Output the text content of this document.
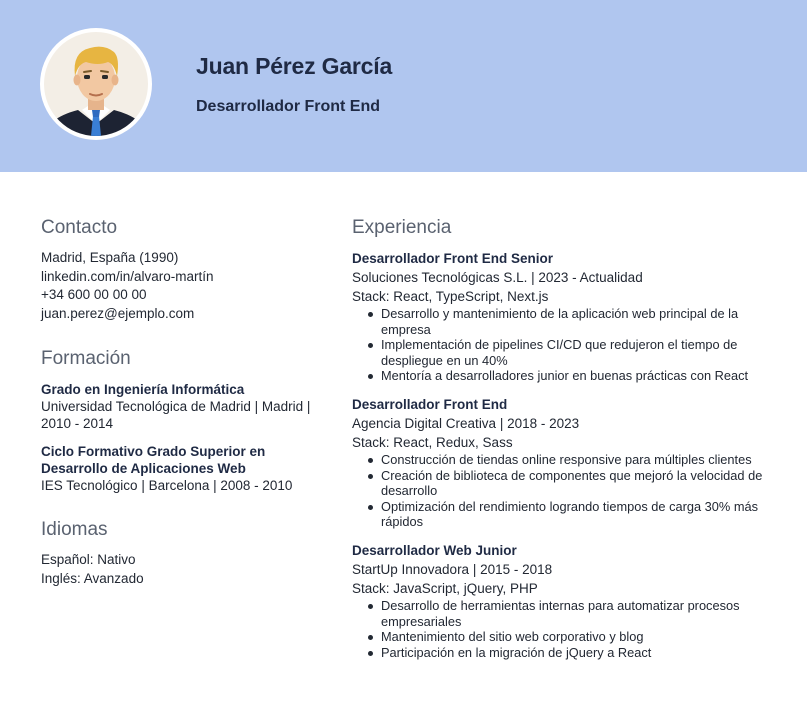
Juan Pérez García
Desarrollador Front End
Contacto
Madrid, España (1990)
linkedin.com/in/alvaro-martín
+34 600 00 00 00
juan.perez@ejemplo.com
Formación
Grado en Ingeniería Informática
Universidad Tecnológica de Madrid | Madrid | 2010 - 2014
Ciclo Formativo Grado Superior en Desarrollo de Aplicaciones Web
IES Tecnológico | Barcelona | 2008 - 2010
Idiomas
Español: Nativo
Inglés: Avanzado
Experiencia
Desarrollador Front End Senior
Soluciones Tecnológicas S.L. | 2023 - Actualidad
Stack: React, TypeScript, Next.js
Desarrollo y mantenimiento de la aplicación web principal de la empresa
Implementación de pipelines CI/CD que redujeron el tiempo de despliegue en un 40%
Mentoría a desarrolladores junior en buenas prácticas con React
Desarrollador Front End
Agencia Digital Creativa | 2018 - 2023
Stack: React, Redux, Sass
Construcción de tiendas online responsive para múltiples clientes
Creación de biblioteca de componentes que mejoró la velocidad de desarrollo
Optimización del rendimiento logrando tiempos de carga 30% más rápidos
Desarrollador Web Junior
StartUp Innovadora | 2015 - 2018
Stack: JavaScript, jQuery, PHP
Desarrollo de herramientas internas para automatizar procesos empresariales
Mantenimiento del sitio web corporativo y blog
Participación en la migración de jQuery a React
